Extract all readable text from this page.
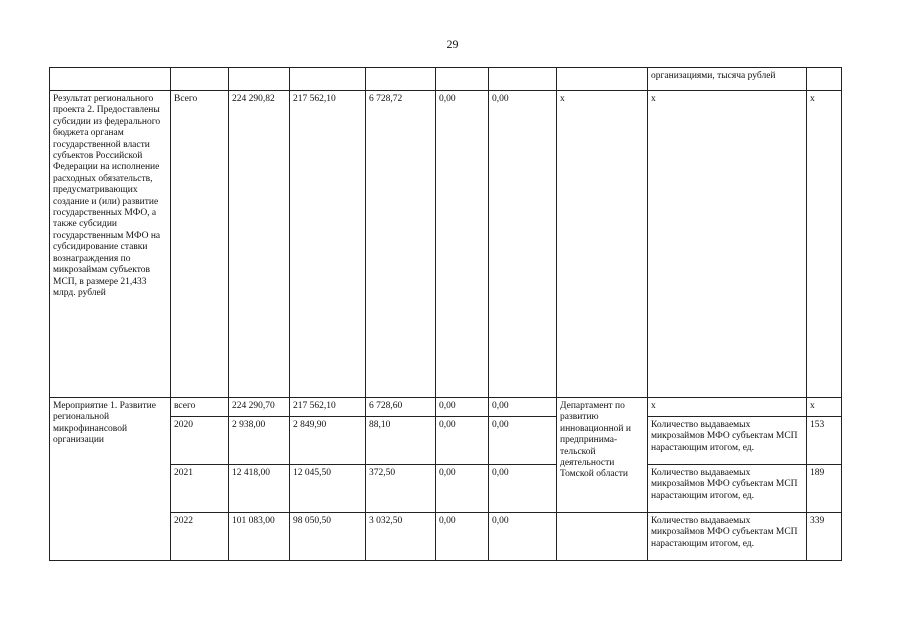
29
								организациями, тысяча рублей	
Результат регионального проекта 2. Предоставлены субсидии из федерального бюджета органам государственной власти субъектов Российской Федерации на исполнение расходных обязательств, предусматривающих создание и (или) развитие государственных МФО, а также субсидии государственным МФО на субсидирование ставки вознаграждения по микрозаймам субъектов МСП, в размере 21,433 млрд. рублей	Всего	224 290,82	217 562,10	6 728,72	0,00	0,00	x	x	x
Мероприятие 1. Развитие региональной микрофинансовой организации	всего	224 290,70	217 562,10	6 728,60	0,00	0,00	Департамент по развитию инновационной и предпринима-тельской деятельности Томской области	x	x
	2020	2 938,00	2 849,90	88,10	0,00	0,00		Количество выдаваемых микрозаймов МФО субъектам МСП нарастающим итогом, ед.	153
	2021	12 418,00	12 045,50	372,50	0,00	0,00		Количество выдаваемых микрозаймов МФО субъектам МСП нарастающим итогом, ед.	189
	2022	101 083,00	98 050,50	3 032,50	0,00	0,00		Количество выдаваемых микрозаймов МФО субъектам МСП нарастающим итогом, ед.	339
